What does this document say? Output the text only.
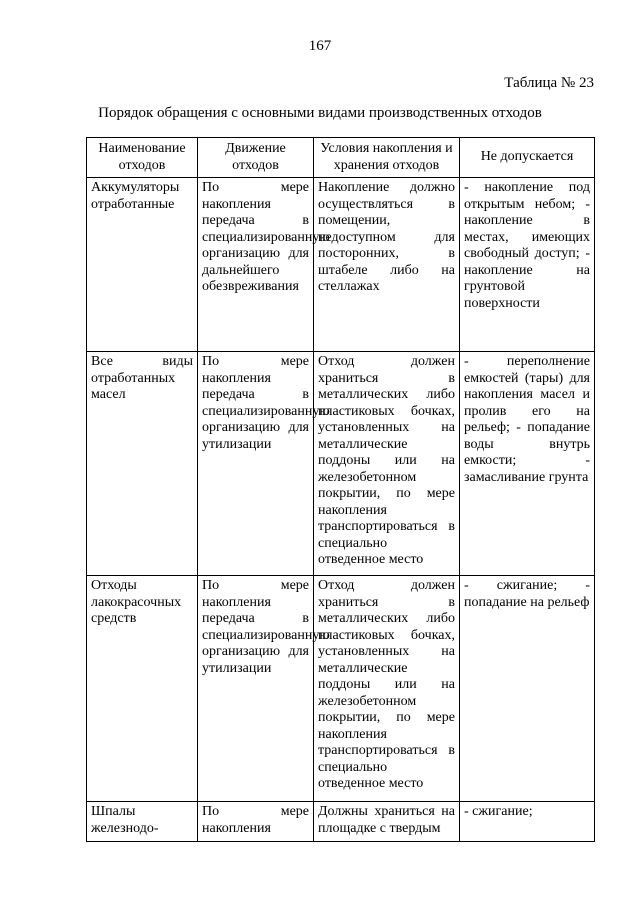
167
Таблица № 23
Порядок обращения с основными видами производственных отходов
Наименование отходов	Движение отходов	Условия накопления и хранения отходов	Не допускается
Аккумуляторы отработанные	По мере накопления передача в специализированную организацию для дальнейшего обезвреживания	Накопление должно осуществляться в помещении, недоступном для посторонних, в штабеле либо на стеллажах	- накопление под открытым небом; - накопление в местах, имеющих свободный доступ; - накопление на грунтовой поверхности
Все виды отработанных масел	По мере накопления передача в специализированную организацию для утилизации	Отход должен храниться в металлических либо пластиковых бочках, установленных на металлические поддоны или на железобетонном покрытии, по мере накопления транспортироваться в специально отведенное место	- переполнение емкостей (тары) для накопления масел и пролив его на рельеф; - попадание воды внутрь емкости; - замасливание грунта
Отходы лакокрасочных средств	По мере накопления передача в специализированную организацию для утилизации	Отход должен храниться в металлических либо пластиковых бочках, установленных на металлические поддоны или на железобетонном покрытии, по мере накопления транспортироваться в специально отведенное место	- сжигание; - попадание на рельеф
Шпалы железнодо-	По мере накопления	Должны храниться на площадке с твердым	- сжигание;
